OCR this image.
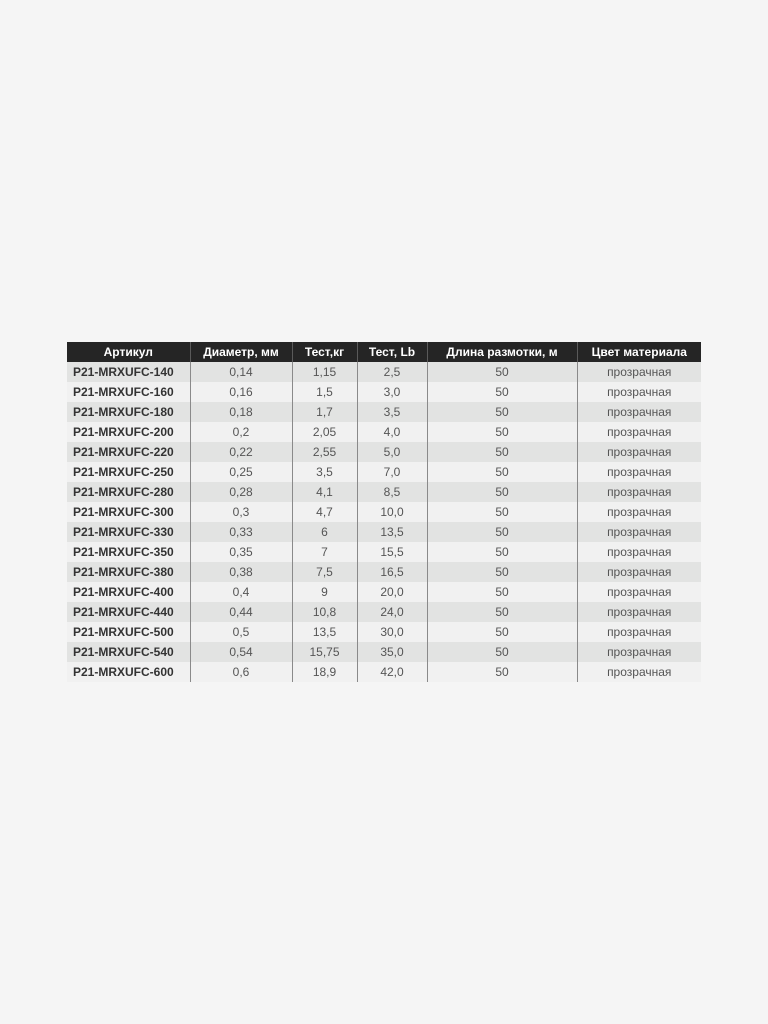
Артикул	Диаметр, мм	Тест,кг	Тест, Lb	Длина размотки, м	Цвет материала
P21-MRXUFC-140	0,14	1,15	2,5	50	прозрачная
P21-MRXUFC-160	0,16	1,5	3,0	50	прозрачная
P21-MRXUFC-180	0,18	1,7	3,5	50	прозрачная
P21-MRXUFC-200	0,2	2,05	4,0	50	прозрачная
P21-MRXUFC-220	0,22	2,55	5,0	50	прозрачная
P21-MRXUFC-250	0,25	3,5	7,0	50	прозрачная
P21-MRXUFC-280	0,28	4,1	8,5	50	прозрачная
P21-MRXUFC-300	0,3	4,7	10,0	50	прозрачная
P21-MRXUFC-330	0,33	6	13,5	50	прозрачная
P21-MRXUFC-350	0,35	7	15,5	50	прозрачная
P21-MRXUFC-380	0,38	7,5	16,5	50	прозрачная
P21-MRXUFC-400	0,4	9	20,0	50	прозрачная
P21-MRXUFC-440	0,44	10,8	24,0	50	прозрачная
P21-MRXUFC-500	0,5	13,5	30,0	50	прозрачная
P21-MRXUFC-540	0,54	15,75	35,0	50	прозрачная
P21-MRXUFC-600	0,6	18,9	42,0	50	прозрачная
